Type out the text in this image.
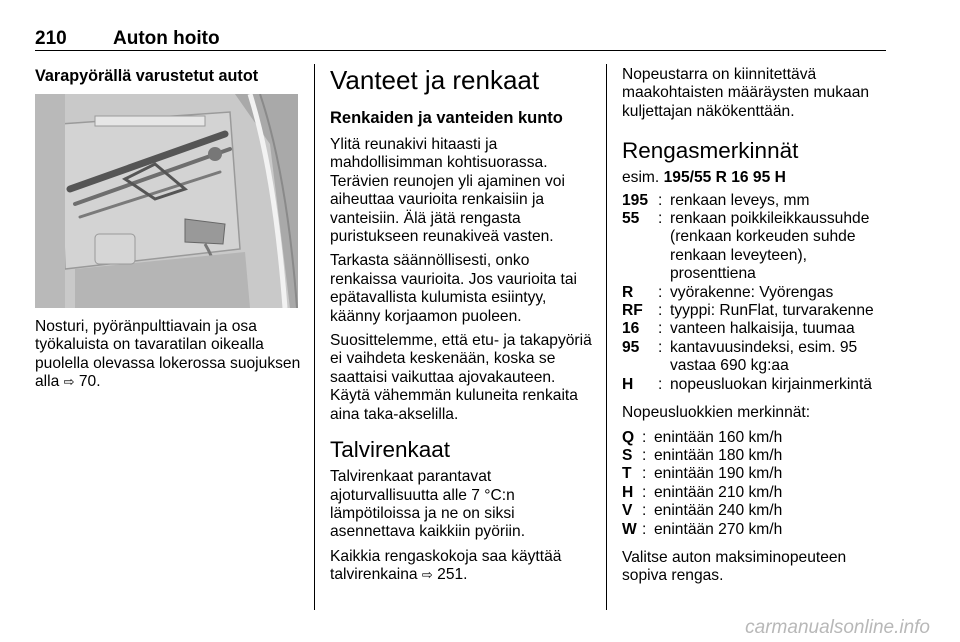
210 Auton hoito
Varapyörällä varustetut autot

Nosturi, pyöränpulttiavain ja osa työkaluista on tavaratilan oikealla puolella olevassa lokerossa suojuksen alla ⇨ 70.

Vanteet ja renkaat
Renkaiden ja vanteiden kunto

Ylitä reunakivi hitaasti ja mahdollisimman kohtisuorassa. Terävien reunojen yli ajaminen voi aiheuttaa vaurioita renkaisiin ja vanteisiin. Älä jätä rengasta puristukseen reunakiveä vasten.

Tarkasta säännöllisesti, onko renkaissa vaurioita. Jos vaurioita tai epätavallista kulumista esiintyy, käänny korjaamon puoleen.

Suosittelemme, että etu- ja takapyöriä ei vaihdeta keskenään, koska se saattaisi vaikuttaa ajovakauteen. Käytä vähemmän kuluneita renkaita aina taka-akselilla.

Talvirenkaat

Talvirenkaat parantavat ajoturvallisuutta alle 7 °C:n lämpötiloissa ja ne on siksi asennettava kaikkiin pyöriin.

Kaikkia rengaskokoja saa käyttää talvirenkaina ⇨ 251.

Nopeustarra on kiinnitettävä maakohtaisten määräysten mukaan kuljettajan näkökenttään.

Rengasmerkinnät

esim. 195/55 R 16 95 H

195 : renkaan leveys, mm
55	: renkaan poikkileikkaussuhde (renkaan korkeuden suhde renkaan leveyteen), prosenttiena
R	: vyörakenne: Vyörengas
RF : tyyppi: RunFlat, turvarakenne
16	: vanteen halkaisija, tuumaa
95	: kantavuusindeksi, esim. 95 vastaa 690 kg:aa
H	: nopeusluokan kirjainmerkintä

Nopeusluokkien merkinnät:

Q : enintään 160 km/h
S : enintään 180 km/h
T : enintään 190 km/h
H : enintään 210 km/h
V : enintään 240 km/h
W : enintään 270 km/h

Valitse auton maksiminopeuteen sopiva rengas.

carmanualsonline.info
